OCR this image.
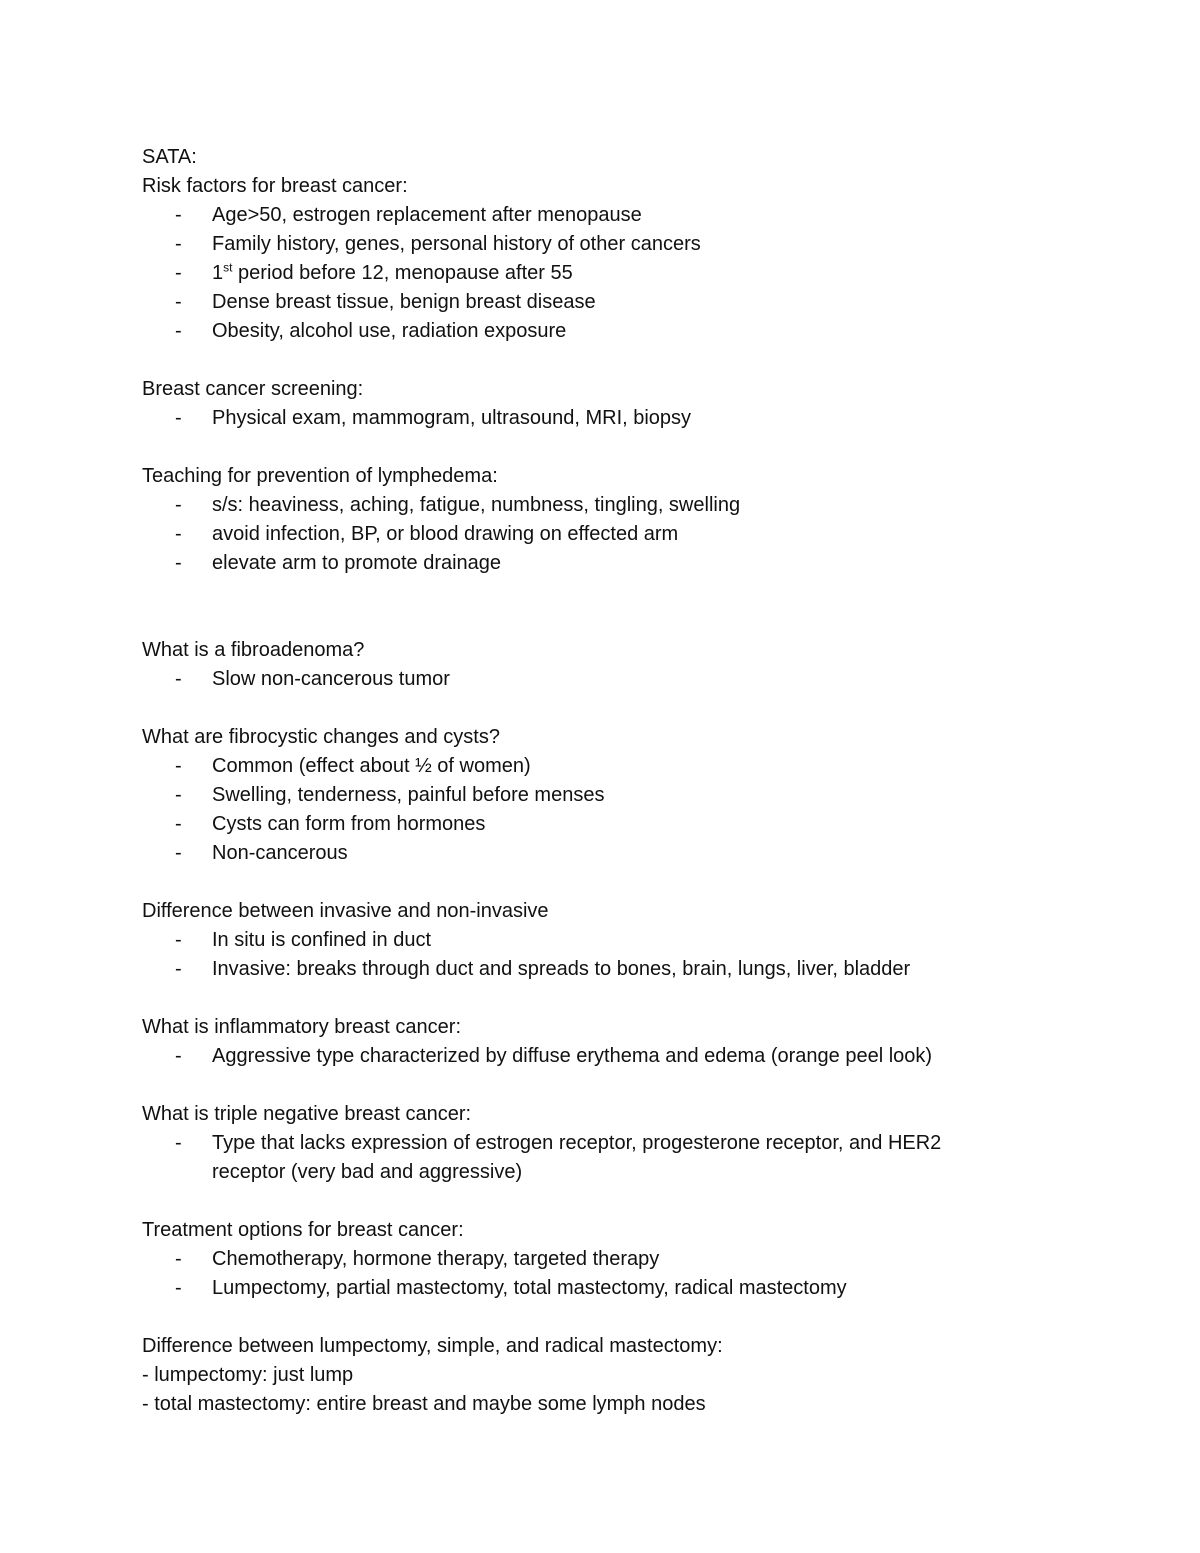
SATA:
Risk factors for breast cancer:
- Age>50, estrogen replacement after menopause
- Family history, genes, personal history of other cancers
- 1st period before 12, menopause after 55
- Dense breast tissue, benign breast disease
- Obesity, alcohol use, radiation exposure
Breast cancer screening:
- Physical exam, mammogram, ultrasound, MRI, biopsy
Teaching for prevention of lymphedema:
- s/s: heaviness, aching, fatigue, numbness, tingling, swelling
- avoid infection, BP, or blood drawing on effected arm
- elevate arm to promote drainage
What is a fibroadenoma?
- Slow non-cancerous tumor
What are fibrocystic changes and cysts?
- Common (effect about ½ of women)
- Swelling, tenderness, painful before menses
- Cysts can form from hormones
- Non-cancerous
Difference between invasive and non-invasive
- In situ is confined in duct
- Invasive: breaks through duct and spreads to bones, brain, lungs, liver, bladder
What is inflammatory breast cancer:
- Aggressive type characterized by diffuse erythema and edema (orange peel look)
What is triple negative breast cancer:
- Type that lacks expression of estrogen receptor, progesterone receptor, and HER2 receptor (very bad and aggressive)
Treatment options for breast cancer:
- Chemotherapy, hormone therapy, targeted therapy
- Lumpectomy, partial mastectomy, total mastectomy, radical mastectomy
Difference between lumpectomy, simple, and radical mastectomy:
- lumpectomy: just lump
- total mastectomy: entire breast and maybe some lymph nodes
